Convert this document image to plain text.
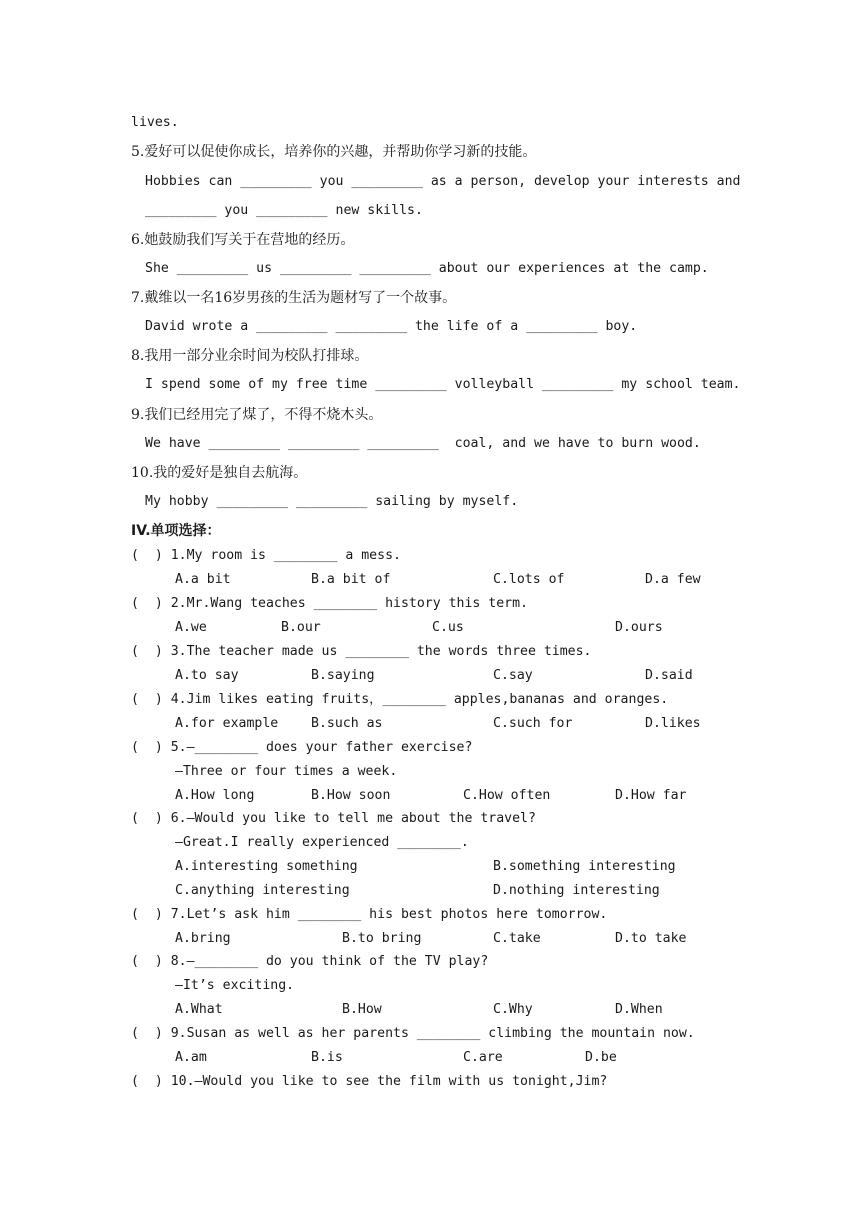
lives.
5.爱好可以促使你成长，培养你的兴趣，并帮助你学习新的技能。
Hobbies can _________ you _________ as a person, develop your interests and
_________ you _________ new skills.
6.她鼓励我们写关于在营地的经历。
She _________ us _________ _________ about our experiences at the camp.
7.戴维以一名16岁男孩的生活为题材写了一个故事。
David wrote a _________ _________ the life of a _________ boy.
8.我用一部分业余时间为校队打排球。
I spend some of my free time _________ volleyball _________ my school team.
9.我们已经用完了煤了，不得不烧木头。
We have _________ _________ _________  coal, and we have to burn wood.
10.我的爱好是独自去航海。
My hobby _________ _________ sailing by myself.
IV.单项选择：
(  ) 1.My room is ________ a mess.
A.a bit	B.a bit of	C.lots of	D.a few
(  ) 2.Mr.Wang teaches ________ history this term.
A.we	B.our	C.us	D.ours
(  ) 3.The teacher made us ________ the words three times.
A.to say	B.saying	C.say	D.said
(  ) 4.Jim likes eating fruits，________ apples,bananas and oranges.
A.for example B.such as	C.such for	D.likes
(  ) 5.—________ does your father exercise?
—Three or four times a week.
A.How long	B.How soon	C.How often	D.How far
(  ) 6.—Would you like to tell me about the travel?
—Great.I really experienced ________.
A.interesting something	B.something interesting
C.anything interesting	D.nothing interesting
(  ) 7.Let’s ask him ________ his best photos here tomorrow.
A.bring	B.to bring	C.take	D.to take
(  ) 8.—________ do you think of the TV play?
—It’s exciting.
A.What	B.How	C.Why	D.When
(  ) 9.Susan as well as her parents ________ climbing the mountain now.
A.am	B.is	C.are	D.be
(  ) 10.—Would you like to see the film with us tonight,Jim?
